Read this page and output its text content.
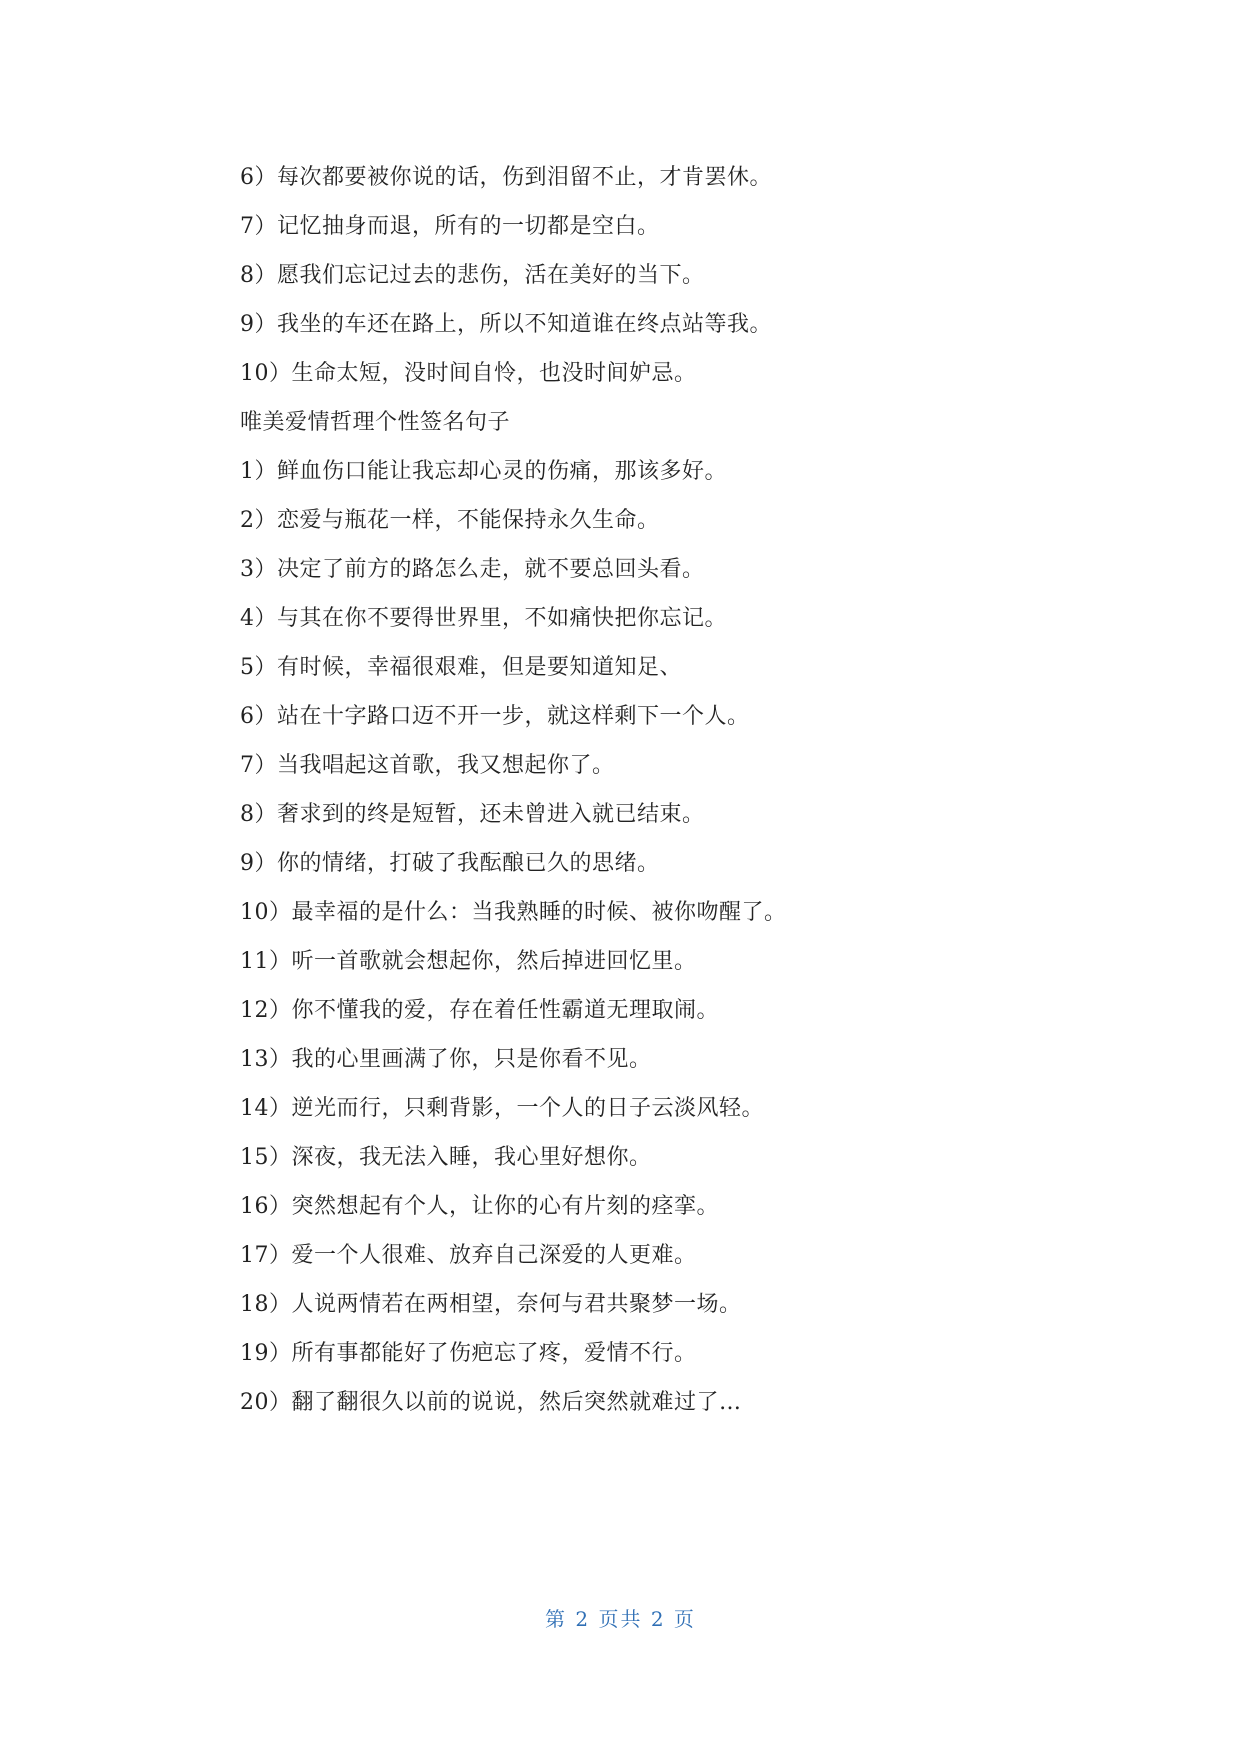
6）每次都要被你说的话，伤到泪留不止，才肯罢休。
7）记忆抽身而退，所有的一切都是空白。
8）愿我们忘记过去的悲伤，活在美好的当下。
9）我坐的车还在路上，所以不知道谁在终点站等我。
10）生命太短，没时间自怜，也没时间妒忌。
唯美爱情哲理个性签名句子
1）鲜血伤口能让我忘却心灵的伤痛，那该多好。
2）恋爱与瓶花一样，不能保持永久生命。
3）决定了前方的路怎么走，就不要总回头看。
4）与其在你不要得世界里，不如痛快把你忘记。
5）有时候，幸福很艰难，但是要知道知足、
6）站在十字路口迈不开一步，就这样剩下一个人。
7）当我唱起这首歌，我又想起你了。
8）奢求到的终是短暂，还未曾进入就已结束。
9）你的情绪，打破了我酝酿已久的思绪。
10）最幸福的是什么：当我熟睡的时候、被你吻醒了。
11）听一首歌就会想起你，然后掉进回忆里。
12）你不懂我的爱，存在着任性霸道无理取闹。
13）我的心里画满了你，只是你看不见。
14）逆光而行，只剩背影，一个人的日子云淡风轻。
15）深夜，我无法入睡，我心里好想你。
16）突然想起有个人，让你的心有片刻的痉挛。
17）爱一个人很难、放弃自己深爱的人更难。
18）人说两情若在两相望，奈何与君共聚梦一场。
19）所有事都能好了伤疤忘了疼，爱情不行。
20）翻了翻很久以前的说说，然后突然就难过了…
第 2 页共 2 页
